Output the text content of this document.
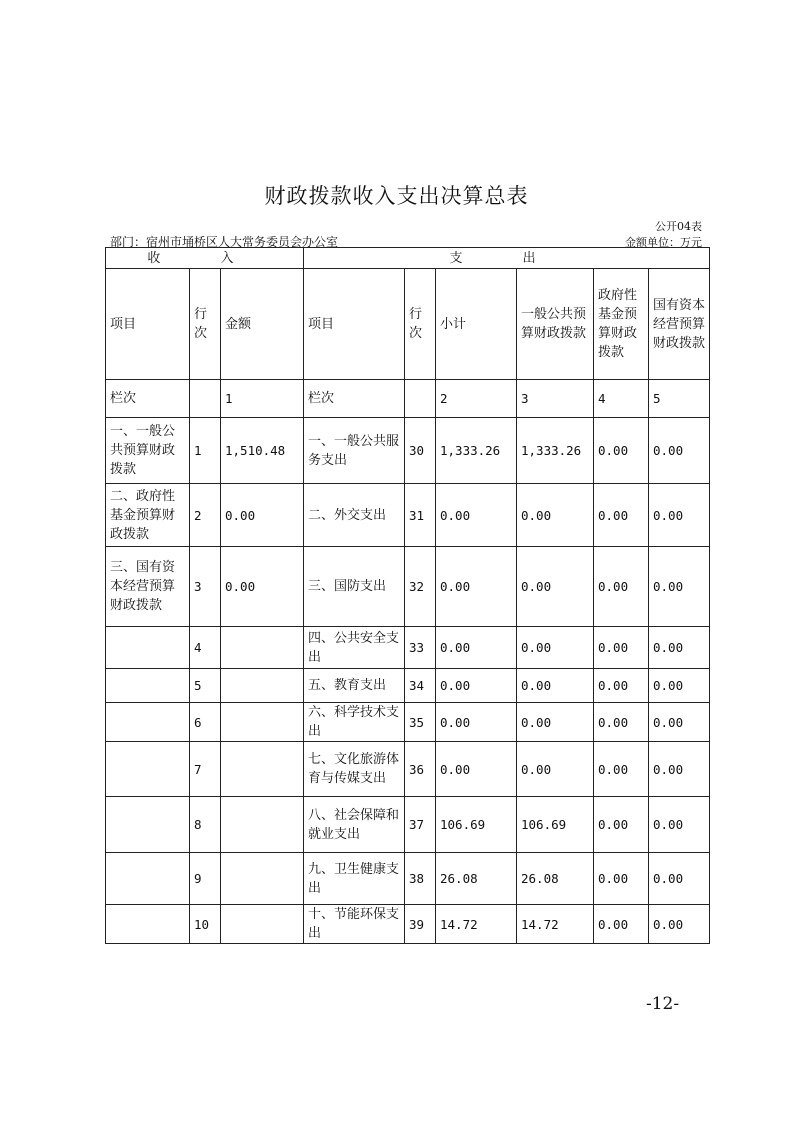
财政拨款收入支出决算总表
公开04表
部门：宿州市埇桥区人大常务委员会办公室	金额单位：万元
收 入			支 出					
项目	行次	金额	项目	行次	小计	一般公共预算财政拨款	政府性基金预算财政拨款	国有资本经营预算财政拨款
栏次		1	栏次		2	3	4	5
一、一般公共预算财政拨款	1	1,510.48	一、一般公共服务支出	30	1,333.26	1,333.26	0.00	0.00
二、政府性基金预算财政拨款	2	0.00	二、外交支出	31	0.00	0.00	0.00	0.00
三、国有资本经营预算财政拨款	3	0.00	三、国防支出	32	0.00	0.00	0.00	0.00
	4		四、公共安全支出	33	0.00	0.00	0.00	0.00
	5		五、教育支出	34	0.00	0.00	0.00	0.00
	6		六、科学技术支出	35	0.00	0.00	0.00	0.00
	7		七、文化旅游体育与传媒支出	36	0.00	0.00	0.00	0.00
	8		八、社会保障和就业支出	37	106.69	106.69	0.00	0.00
	9		九、卫生健康支出	38	26.08	26.08	0.00	0.00
	10		十、节能环保支出	39	14.72	14.72	0.00	0.00
-12-
